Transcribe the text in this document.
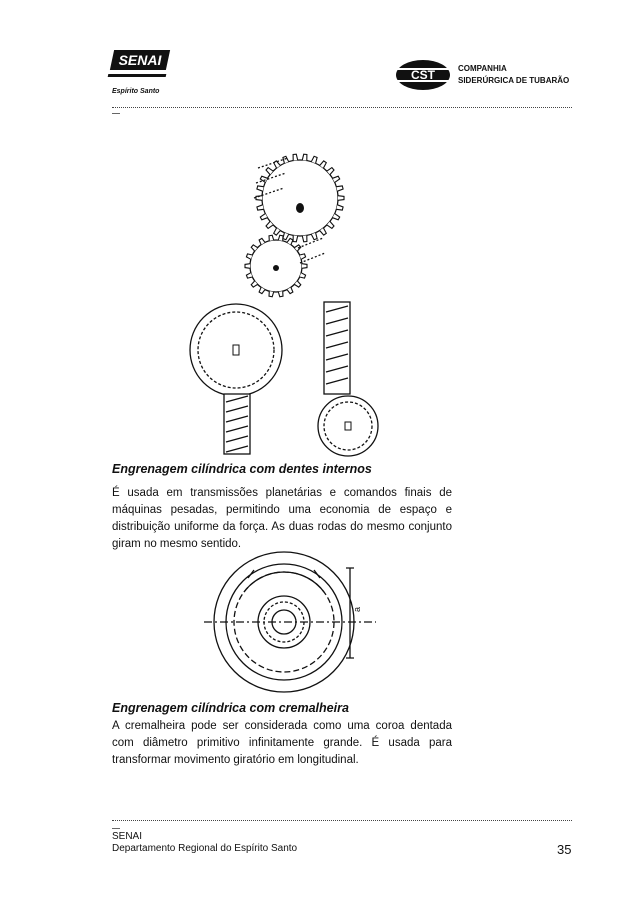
SENAI
Espírito Santo
CST	COMPANHIA
SIDERÚRGICA DE TUBARÃO
Engrenagem cilíndrica com dentes internos
É usada em transmissões planetárias e comandos finais de máquinas pesadas, permitindo uma economia de espaço e distribuição uniforme da força. As duas rodas do mesmo conjunto giram no mesmo sentido.
a
Engrenagem cilíndrica com cremalheira
A cremalheira pode ser considerada como uma coroa dentada com diâmetro primitivo infinitamente grande. É usada para transformar movimento giratório em longitudinal.
SENAI
Departamento Regional do Espírito Santo	35
